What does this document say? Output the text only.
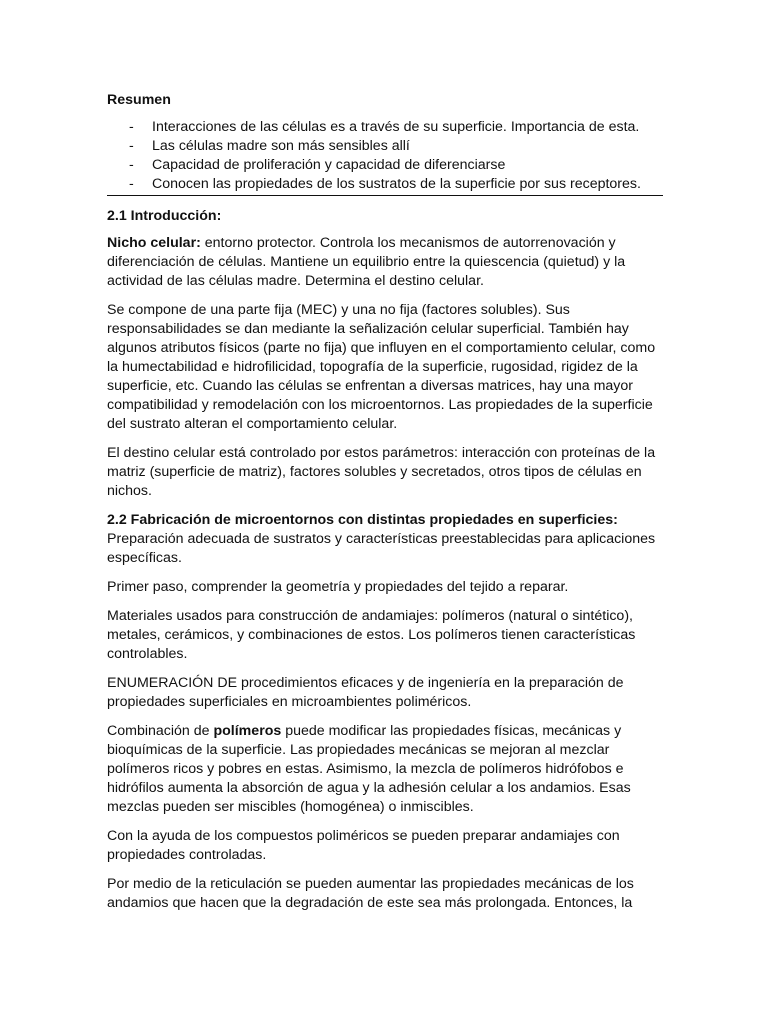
Resumen
- Interacciones de las células es a través de su superficie. Importancia de esta.
- Las células madre son más sensibles allí
- Capacidad de proliferación y capacidad de diferenciarse
- Conocen las propiedades de los sustratos de la superficie por sus receptores.
2.1 Introducción:

Nicho celular: entorno protector. Controla los mecanismos de autorrenovación y diferenciación de células. Mantiene un equilibrio entre la quiescencia (quietud) y la actividad de las células madre. Determina el destino celular.

Se compone de una parte fija (MEC) y una no fija (factores solubles). Sus responsabilidades se dan mediante la señalización celular superficial. También hay algunos atributos físicos (parte no fija) que influyen en el comportamiento celular, como la humectabilidad e hidrofilicidad, topografía de la superficie, rugosidad, rigidez de la superficie, etc. Cuando las células se enfrentan a diversas matrices, hay una mayor compatibilidad y remodelación con los microentornos. Las propiedades de la superficie del sustrato alteran el comportamiento celular.

El destino celular está controlado por estos parámetros: interacción con proteínas de la matriz (superficie de matriz), factores solubles y secretados, otros tipos de células en nichos.

2.2 Fabricación de microentornos con distintas propiedades en superficies:
Preparación adecuada de sustratos y características preestablecidas para aplicaciones específicas.

Primer paso, comprender la geometría y propiedades del tejido a reparar.

Materiales usados para construcción de andamiajes: polímeros (natural o sintético), metales, cerámicos, y combinaciones de estos. Los polímeros tienen características controlables.

ENUMERACIÓN DE procedimientos eficaces y de ingeniería en la preparación de propiedades superficiales en microambientes poliméricos.

Combinación de polímeros puede modificar las propiedades físicas, mecánicas y bioquímicas de la superficie. Las propiedades mecánicas se mejoran al mezclar polímeros ricos y pobres en estas. Asimismo, la mezcla de polímeros hidrófobos e hidrófilos aumenta la absorción de agua y la adhesión celular a los andamios. Esas mezclas pueden ser miscibles (homogénea) o inmiscibles.

Con la ayuda de los compuestos poliméricos se pueden preparar andamiajes con propiedades controladas.

Por medio de la reticulación se pueden aumentar las propiedades mecánicas de los andamios que hacen que la degradación de este sea más prolongada. Entonces, la
